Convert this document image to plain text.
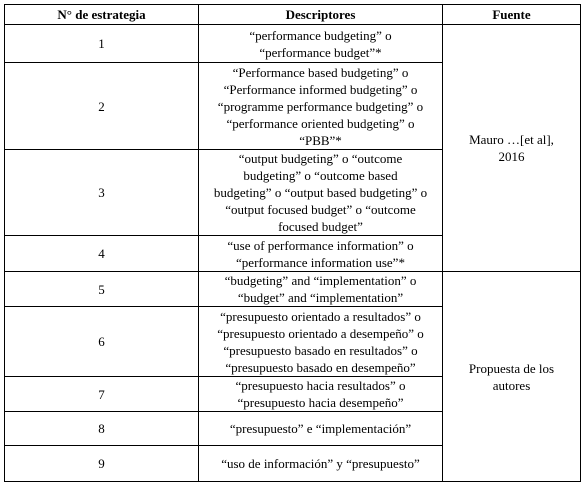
N° de estrategia	Descriptores	Fuente
1	“performance budgeting” o
“performance budget”*	Mauro …[et al],
2016

2	“Performance based budgeting” o
“Performance informed budgeting” o
“programme performance budgeting” o
“performance oriented budgeting” o
“PBB”*	

3	“output budgeting” o “outcome
budgeting” o “outcome based
budgeting” o “output based budgeting” o
“output focused budget” o “outcome
focused budget”	

4	“use of performance information” o
“performance information use”*	

5	“budgeting” and “implementation” o
“budget” and “implementation”	Propuesta de los
autores

6	“presupuesto orientado a resultados” o
“presupuesto orientado a desempeño” o
“presupuesto basado en resultados” o
“presupuesto basado en desempeño”	

7	“presupuesto hacia resultados” o
“presupuesto hacia desempeño”	

8	“presupuesto” e “implementación”	

9	“uso de información” y “presupuesto”	
